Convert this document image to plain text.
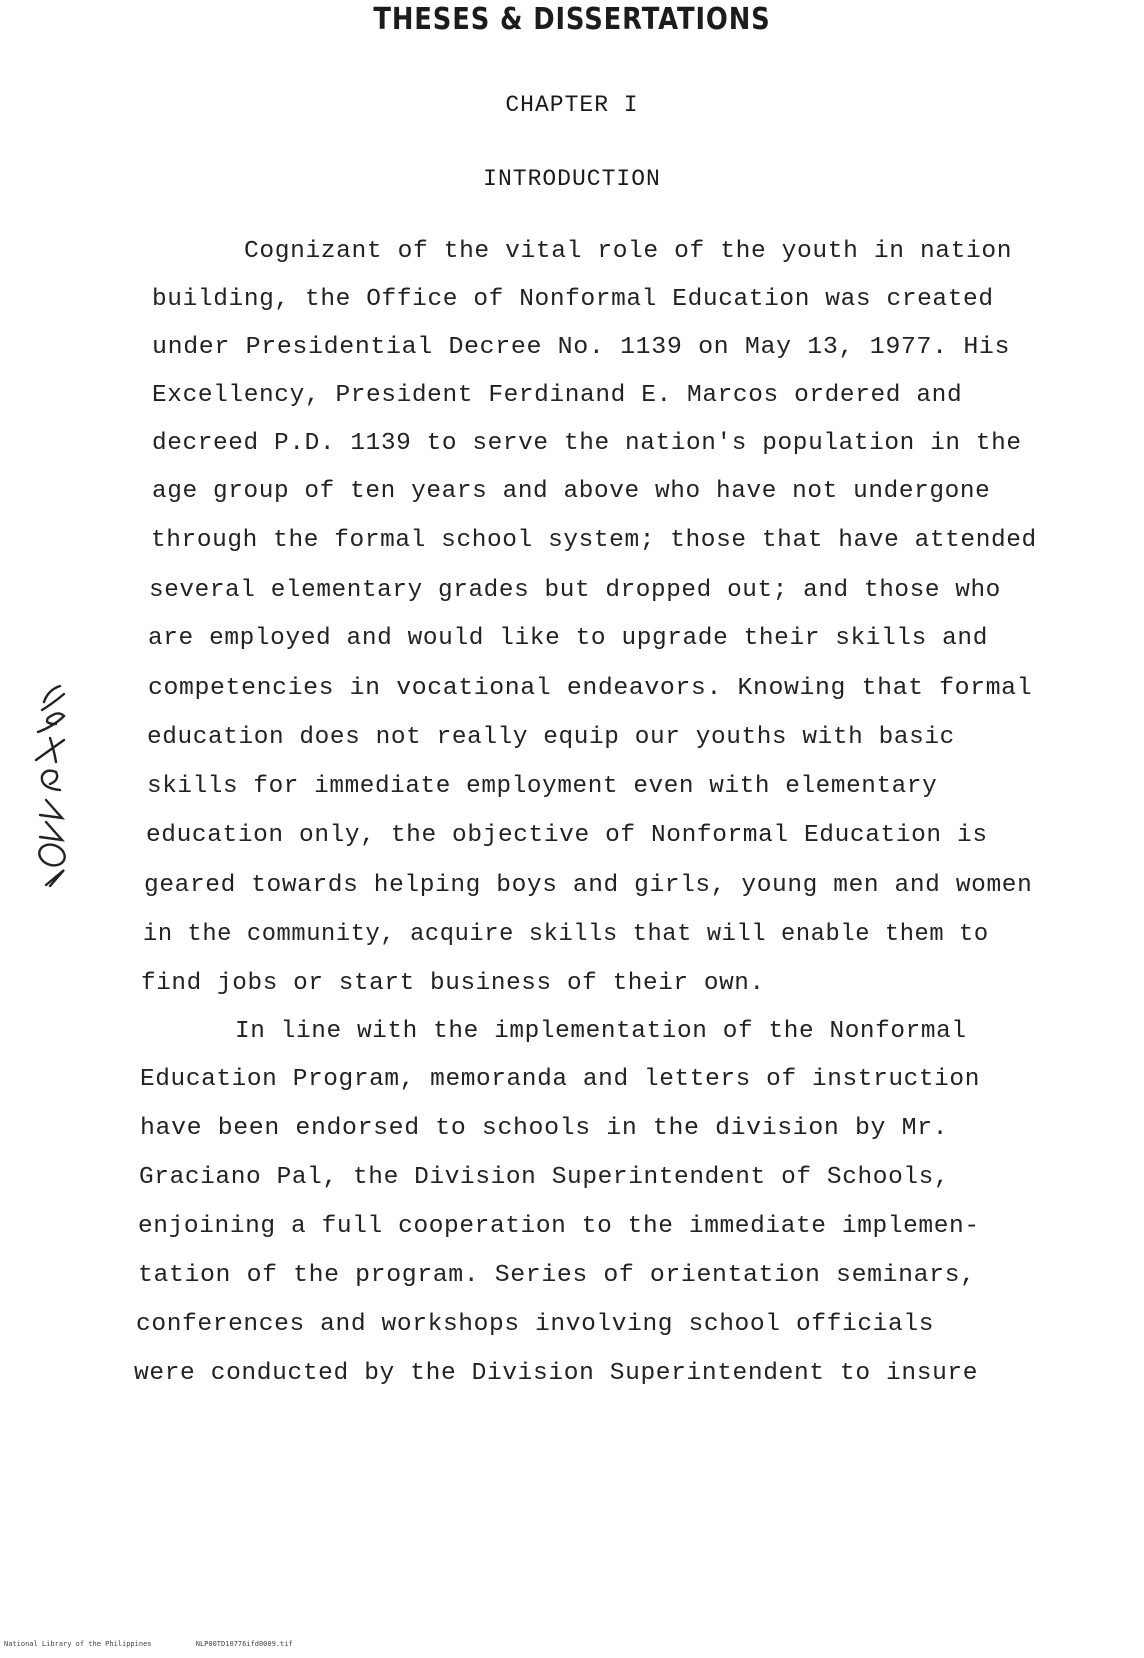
THESES & DISSERTATIONS
CHAPTER I
INTRODUCTION
Cognizant of the vital role of the youth in nation
building, the Office of Nonformal Education was created
under Presidential Decree No. 1139 on May 13, 1977. His
Excellency, President Ferdinand E. Marcos ordered and
decreed P.D. 1139 to serve the nation's population in the
age group of ten years and above who have not undergone
through the formal school system; those that have attended
several elementary grades but dropped out; and those who
are employed and would like to upgrade their skills and
competencies in vocational endeavors. Knowing that formal
education does not really equip our youths with basic
skills for immediate employment even with elementary
education only, the objective of Nonformal Education is
geared towards helping boys and girls, young men and women
in the community, acquire skills that will enable them to
find jobs or start business of their own.
In line with the implementation of the Nonformal
Education Program, memoranda and letters of instruction
have been endorsed to schools in the division by Mr.
Graciano Pal, the Division Superintendent of Schools,
enjoining a full cooperation to the immediate implemen-
tation of the program. Series of orientation seminars,
conferences and workshops involving school officials
were conducted by the Division Superintendent to insure
National Library of the Philippines	NLP00TD10776ifd0009.tif
